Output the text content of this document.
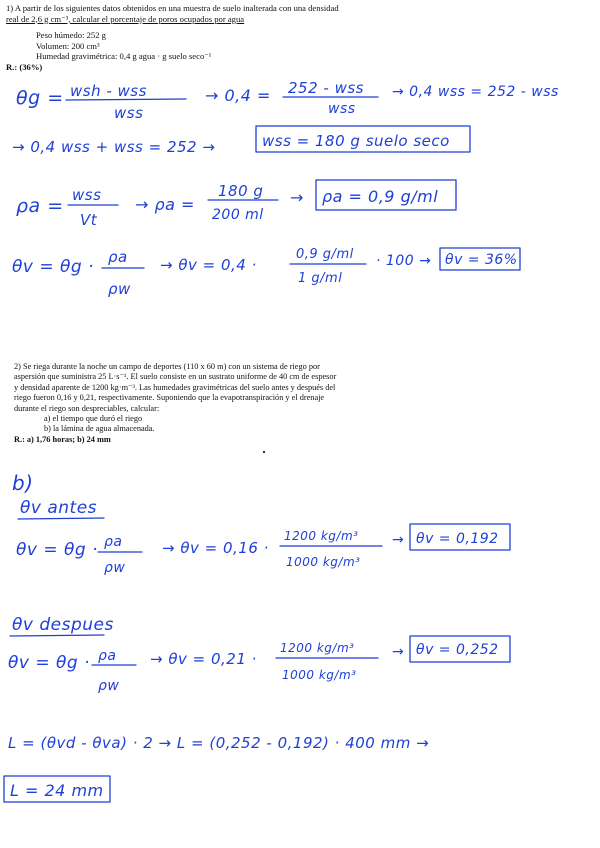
1) A partir de los siguientes datos obtenidos en una muestra de suelo inalterada con una densidad
real de 2,6 g cm⁻³, calcular el porcentaje de poros ocupados por agua
Peso húmedo: 252 g
Volumen: 200 cm³
Humedad gravimétrica: 0,4 g agua · g suelo seco⁻¹
R.: (36%)
2) Se riega durante la noche un campo de deportes (110 x 60 m) con un sistema de riego por
aspersión que suministra 25 L·s⁻¹. El suelo consiste en un sustrato uniforme de 40 cm de espesor
y densidad aparente de 1200 kg·m⁻³. Las humedades gravimétricas del suelo antes y después del
riego fueron 0,16 y 0,21, respectivamente. Suponiendo que la evapotranspiración y el drenaje
durante el riego son despreciables, calcular:
a) el tiempo que duró el riego
b) la lámina de agua almacenada.
R.: a) 1,76 horas; b) 24 mm
θg = wsh - wss
wss
→ 0,4 = 252 - wss
wss
→ 0,4 wss = 252 - wss
→ 0,4 wss + wss = 252 →	wss = 180 g suelo seco
ρa = wss
Vt
→ ρa =
180 g
200 ml
→ ρa = 0,9 g/ml
θv = θg · ρa
ρw
→ θv = 0,4 ·
0,9 g/ml
1 g/ml
· 100 → θv = 36%
b)
θv antes
θv = θg · ρa
ρw
→ θv = 0,16 ·
1200 kg/m³
1000 kg/m³
→ θv = 0,192
θv despues
θv = θg · ρa
ρw
→ θv = 0,21 ·
1200 kg/m³
1000 kg/m³
→ θv = 0,252
L = (θvd - θva) · 2 → L = (0,252 - 0,192) · 400 mm →
L = 24 mm
